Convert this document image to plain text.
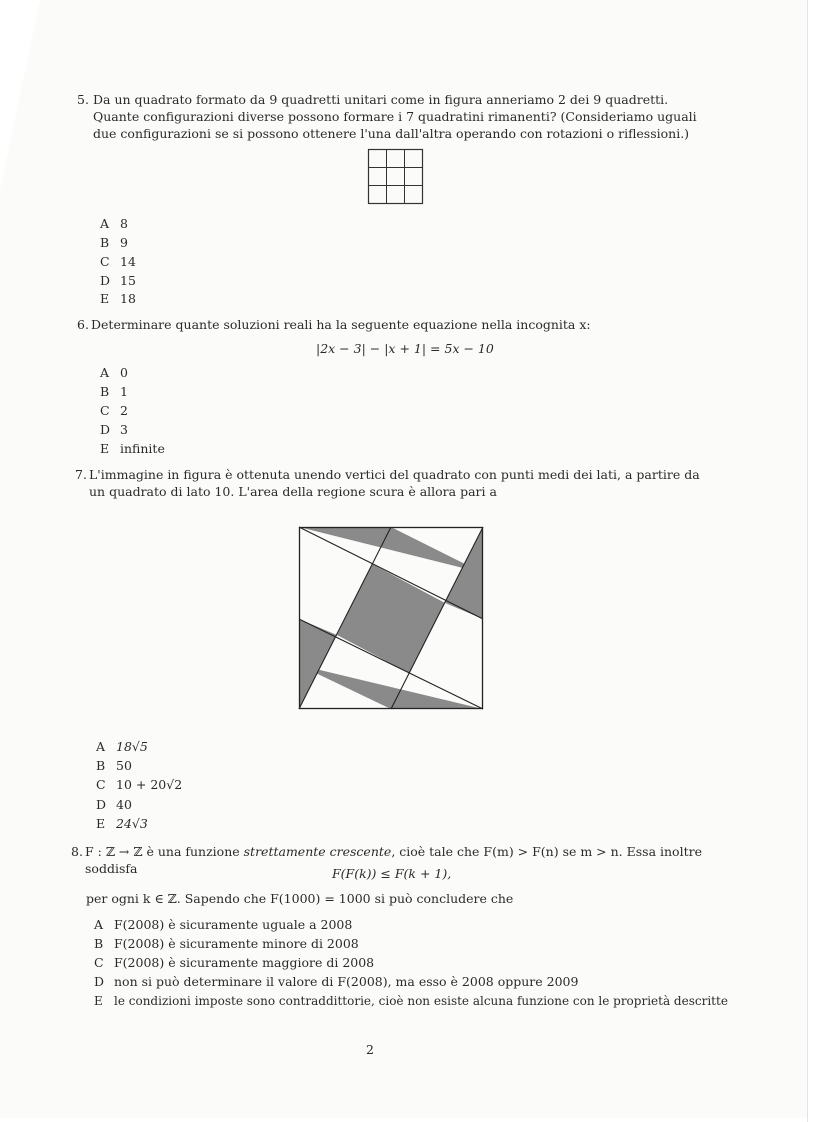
5. Da un quadrato formato da 9 quadretti unitari come in figura anneriamo 2 dei 9 quadretti. Quante configurazioni diverse possono formare i 7 quadratini rimanenti? (Consideriamo uguali due configurazioni se si possono ottenere l'una dall'altra operando con rotazioni o riflessioni.)
A 8
B 9
C 14
D 15
E 18
6. Determinare quante soluzioni reali ha la seguente equazione nella incognita x:
|2x − 3| − |x + 1| = 5x − 10
A 0
B 1
C 2
D 3
E infinite
7. L'immagine in figura è ottenuta unendo vertici del quadrato con punti medi dei lati, a partire da un quadrato di lato 10. L'area della regione scura è allora pari a
A 18√5
B 50
C 10 + 20√2
D 40
E 24√3
8. F : ℤ → ℤ è una funzione strettamente crescente, cioè tale che F(m) > F(n) se m > n. Essa inoltre soddisfa	F(F(k)) ≤ F(k + 1),
per ogni k ∈ ℤ. Sapendo che F(1000) = 1000 si può concludere che
A F(2008) è sicuramente uguale a 2008
B F(2008) è sicuramente minore di 2008
C F(2008) è sicuramente maggiore di 2008
D non si può determinare il valore di F(2008), ma esso è 2008 oppure 2009
E le condizioni imposte sono contraddittorie, cioè non esiste alcuna funzione con le proprietà descritte
2
